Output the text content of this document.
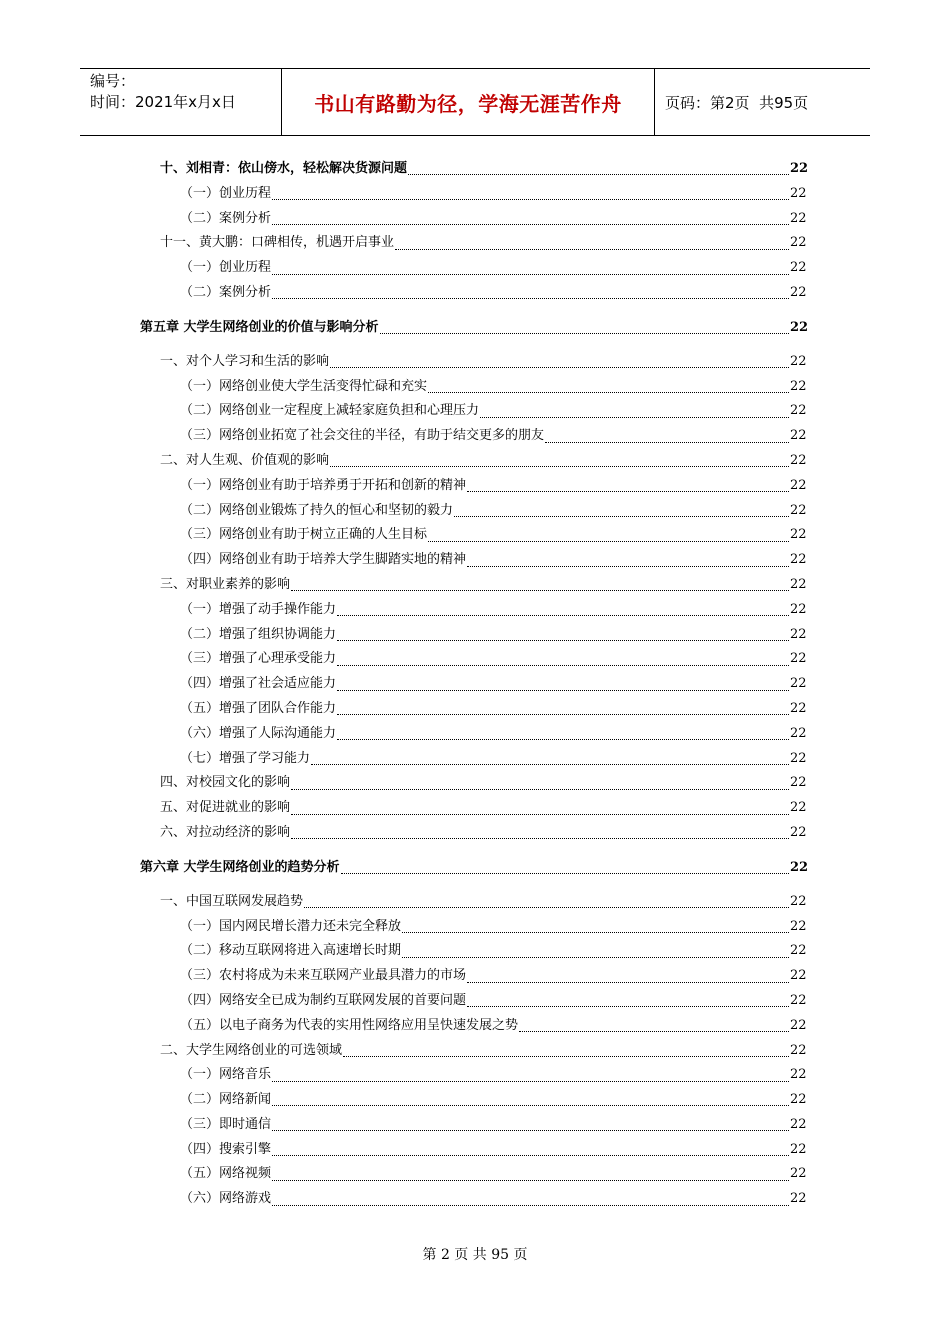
编号：
时间：2021年x月x日	书山有路勤为径，学海无涯苦作舟	页码：第2页  共95页
十、刘相青：依山傍水，轻松解决货源问题	22
（一）创业历程	22
（二）案例分析	22
十一、黄大鹏：口碑相传，机遇开启事业	22
（一）创业历程	22
（二）案例分析	22
第五章 大学生网络创业的价值与影响分析	22
一、对个人学习和生活的影响	22
（一）网络创业使大学生活变得忙碌和充实	22
（二）网络创业一定程度上减轻家庭负担和心理压力	22
（三）网络创业拓宽了社会交往的半径，有助于结交更多的朋友	22
二、对人生观、价值观的影响	22
（一）网络创业有助于培养勇于开拓和创新的精神	22
（二）网络创业锻炼了持久的恒心和坚韧的毅力	22
（三）网络创业有助于树立正确的人生目标	22
（四）网络创业有助于培养大学生脚踏实地的精神	22
三、对职业素养的影响	22
（一）增强了动手操作能力	22
（二）增强了组织协调能力	22
（三）增强了心理承受能力	22
（四）增强了社会适应能力	22
（五）增强了团队合作能力	22
（六）增强了人际沟通能力	22
（七）增强了学习能力	22
四、对校园文化的影响	22
五、对促进就业的影响	22
六、对拉动经济的影响	22
第六章 大学生网络创业的趋势分析	22
一、中国互联网发展趋势	22
（一）国内网民增长潜力还未完全释放	22
（二）移动互联网将进入高速增长时期	22
（三）农村将成为未来互联网产业最具潜力的市场	22
（四）网络安全已成为制约互联网发展的首要问题	22
（五）以电子商务为代表的实用性网络应用呈快速发展之势	22
二、大学生网络创业的可选领域	22
（一）网络音乐	22
（二）网络新闻	22
（三）即时通信	22
（四）搜索引擎	22
（五）网络视频	22
（六）网络游戏	22
第 2 页 共 95 页
